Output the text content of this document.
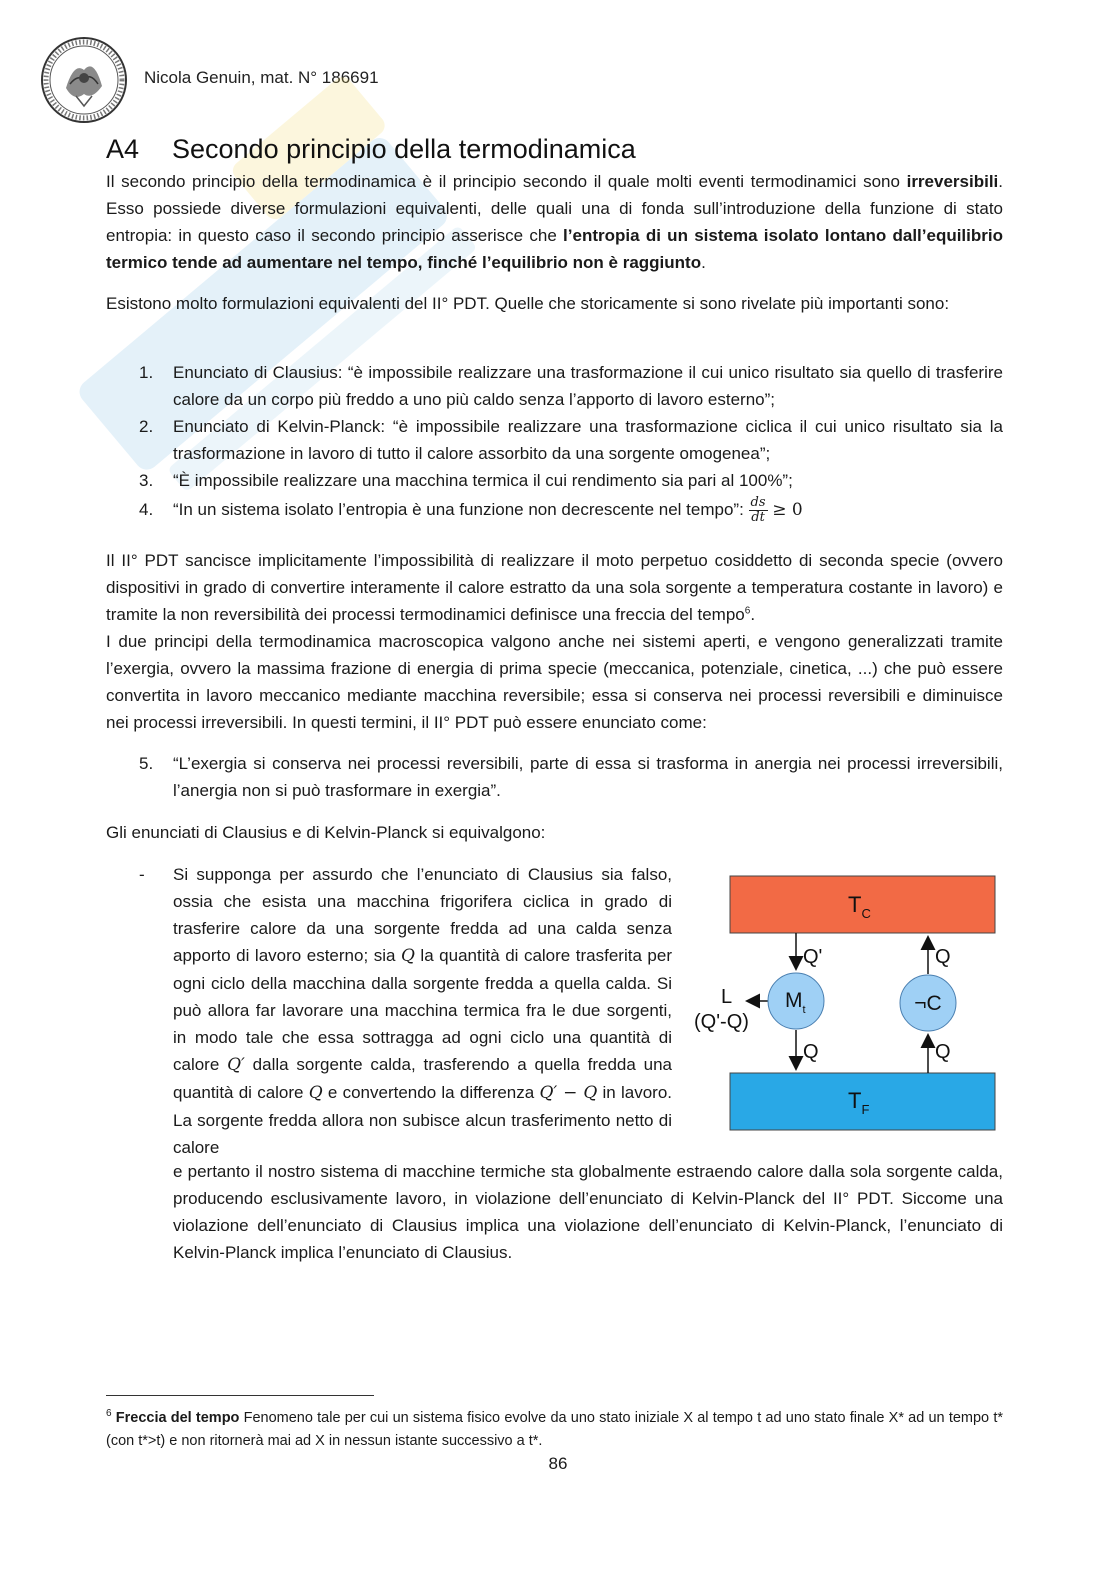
Nicola Genuin, mat. N° 186691
A4 Secondo principio della termodinamica

Il secondo principio della termodinamica è il principio secondo il quale molti eventi termodinamici sono irreversibili. Esso possiede diverse formulazioni equivalenti, delle quali una di fonda sull’introduzione della funzione di stato entropia: in questo caso il secondo principio asserisce che l’entropia di un sistema isolato lontano dall’equilibrio termico tende ad aumentare nel tempo, finché l’equilibrio non è raggiunto.

Esistono molto formulazioni equivalenti del II° PDT. Quelle che storicamente si sono rivelate più importanti sono:

1. Enunciato di Clausius: “è impossibile realizzare una trasformazione il cui unico risultato sia quello di trasferire calore da un corpo più freddo a uno più caldo senza l’apporto di lavoro esterno”;
2. Enunciato di Kelvin-Planck: “è impossibile realizzare una trasformazione ciclica il cui unico risultato sia la trasformazione in lavoro di tutto il calore assorbito da una sorgente omogenea”;
3. “È impossibile realizzare una macchina termica il cui rendimento sia pari al 100%”;
4. “In un sistema isolato l’entropia è una funzione non decrescente nel tempo”: $\frac{ds}{dt} \ge 0$

Il II° PDT sancisce implicitamente l’impossibilità di realizzare il moto perpetuo cosiddetto di seconda specie (ovvero dispositivi in grado di convertire interamente il calore estratto da una sola sorgente a temperatura costante in lavoro) e tramite la non reversibilità dei processi termodinamici definisce una freccia del tempo$^6$.
I due principi della termodinamica macroscopica valgono anche nei sistemi aperti, e vengono generalizzati tramite l’exergia, ovvero la massima frazione di energia di prima specie (meccanica, potenziale, cinetica, ...) che può essere convertita in lavoro meccanico mediante macchina reversibile; essa si conserva nei processi reversibili e diminuisce nei processi irreversibili. In questi termini, il II° PDT può essere enunciato come:

5. “L’exergia si conserva nei processi reversibili, parte di essa si trasforma in anergia nei processi irreversibili, l’anergia non si può trasformare in exergia”.

Gli enunciati di Clausius e di Kelvin-Planck si equivalgono:

- Si supponga per assurdo che l’enunciato di Clausius sia falso, ossia che esista una macchina frigorifera ciclica in grado di trasferire calore da una sorgente fredda ad una calda senza apporto di lavoro esterno; sia Q la quantità di calore trasferita per ogni ciclo della macchina dalla sorgente fredda a quella calda. Si può allora far lavorare una macchina termica fra le due sorgenti, in modo tale che essa sottragga ad ogni ciclo una quantità di calore Q′ dalla sorgente calda, trasferendo a quella fredda una quantità di calore Q e convertendo la differenza Q′ − Q in lavoro. La sorgente fredda allora non subisce alcun trasferimento netto di calore

e pertanto il nostro sistema di macchine termiche sta globalmente estraendo calore dalla sola sorgente calda, producendo esclusivamente lavoro, in violazione dell’enunciato di Kelvin-Planck del II° PDT. Siccome una violazione dell’enunciato di Clausius implica una violazione dell’enunciato di Kelvin-Planck, l’enunciato di Kelvin-Planck implica l’enunciato di Clausius.

$T_C$
$T_F$
$M_t$	¬C
Q'	Q
Q	Q
L
(Q'-Q)

$^6$ Freccia del tempo Fenomeno tale per cui un sistema fisico evolve da uno stato iniziale X al tempo t ad uno stato finale X* ad un tempo t* (con t*>t) e non ritornerà mai ad X in nessun istante successivo a t*.

86
